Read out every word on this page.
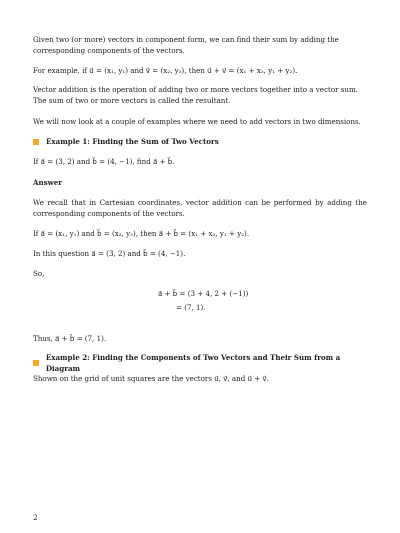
Given two (or more) vectors in component form, we can find their sum by adding the corresponding components of the vectors.
For example, if u⃗ = (x₁, y₁) and v⃗ = (x₂, y₂), then u⃗ + v⃗ = (x₁ + x₂, y₁ + y₂).
Vector addition is the operation of adding two or more vectors together into a vector sum. The sum of two or more vectors is called the resultant.
We will now look at a couple of examples where we need to add vectors in two dimensions.
Example 1: Finding the Sum of Two Vectors
If a⃗ = (3, 2) and b⃗ = (4, −1), find a⃗ + b⃗.
Answer
We recall that in Cartesian coordinates, vector addition can be performed by adding the corresponding components of the vectors.
If a⃗ = (x₁, y₁) and b⃗ = (x₂, y₂), then a⃗ + b⃗ = (x₁ + x₂, y₁ + y₂).
In this question a⃗ = (3, 2) and b⃗ = (4, −1).
So,
a⃗ + b⃗ = (3 + 4, 2 + (−1))
= (7, 1).
Thus, a⃗ + b⃗ = (7, 1).
Example 2: Finding the Components of Two Vectors and Their Sum from a Diagram
Shown on the grid of unit squares are the vectors u⃗, v⃗, and u⃗ + v⃗.
2
